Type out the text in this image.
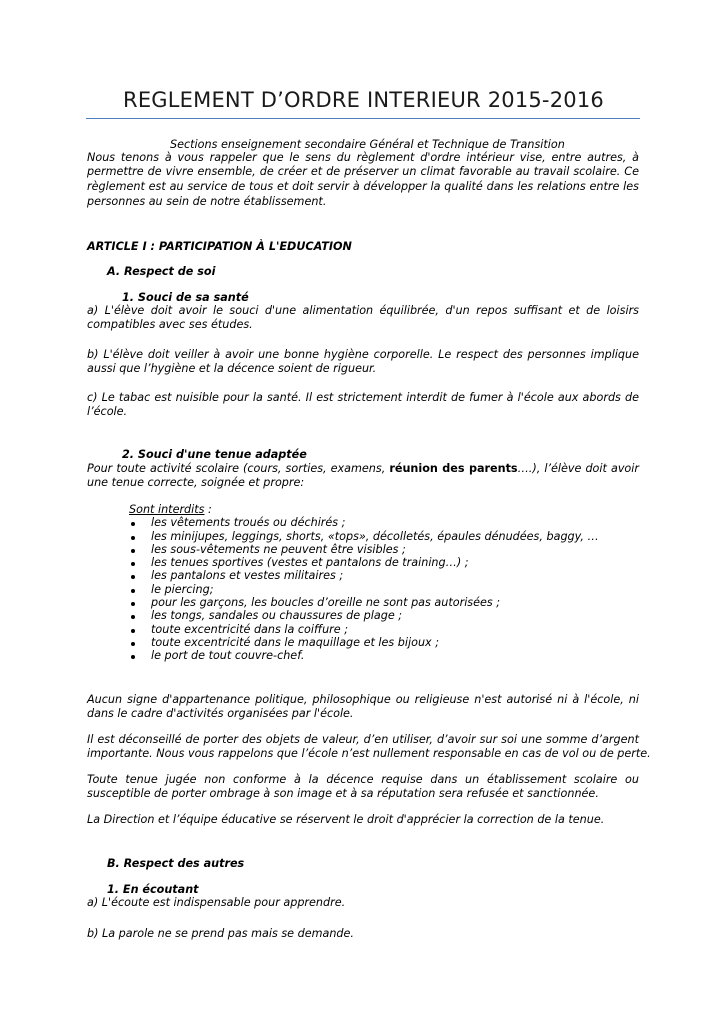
REGLEMENT D’ORDRE INTERIEUR 2015-2016
Sections enseignement secondaire Général et Technique de Transition
Nous tenons à vous rappeler que le sens du règlement d'ordre intérieur vise, entre autres, à
permettre de vivre ensemble, de créer et de préserver un climat favorable au travail scolaire. Ce
règlement est au service de tous et doit servir à développer la qualité dans les relations entre les
personnes au sein de notre établissement.
ARTICLE I : PARTICIPATION À L'EDUCATION
A. Respect de soi
1. Souci de sa santé
a) L'élève doit avoir le souci d'une alimentation équilibrée, d'un repos suffisant et de loisirs
compatibles avec ses études.
b) L'élève doit veiller à avoir une bonne hygiène corporelle. Le respect des personnes implique
aussi que l’hygiène et la décence soient de rigueur.
c) Le tabac est nuisible pour la santé. Il est strictement interdit de fumer à l'école aux abords de
l’école.
2. Souci d'une tenue adaptée
Pour toute activité scolaire (cours, sorties, examens, réunion des parents….), l’élève doit avoir
une tenue correcte, soignée et propre:
Sont interdits :
les vêtements troués ou déchirés ;
les minijupes, leggings, shorts, «tops», décolletés, épaules dénudées, baggy, …
les sous-vêtements ne peuvent être visibles ;
les tenues sportives (vestes et pantalons de training…) ;
les pantalons et vestes militaires ;
le piercing;
pour les garçons, les boucles d’oreille ne sont pas autorisées ;
les tongs, sandales ou chaussures de plage ;
toute excentricité dans la coiffure ;
toute excentricité dans le maquillage et les bijoux ;
le port de tout couvre-chef.
Aucun signe d'appartenance politique, philosophique ou religieuse n'est autorisé ni à l'école, ni
dans le cadre d'activités organisées par l'école.
Il est déconseillé de porter des objets de valeur, d’en utiliser, d’avoir sur soi une somme d’argent
importante. Nous vous rappelons que l’école n’est nullement responsable en cas de vol ou de perte.
Toute tenue jugée non conforme à la décence requise dans un établissement scolaire ou
susceptible de porter ombrage à son image et à sa réputation sera refusée et sanctionnée.
La Direction et l’équipe éducative se réservent le droit d'apprécier la correction de la tenue.
B. Respect des autres
1. En écoutant
a) L'écoute est indispensable pour apprendre.
b) La parole ne se prend pas mais se demande.
